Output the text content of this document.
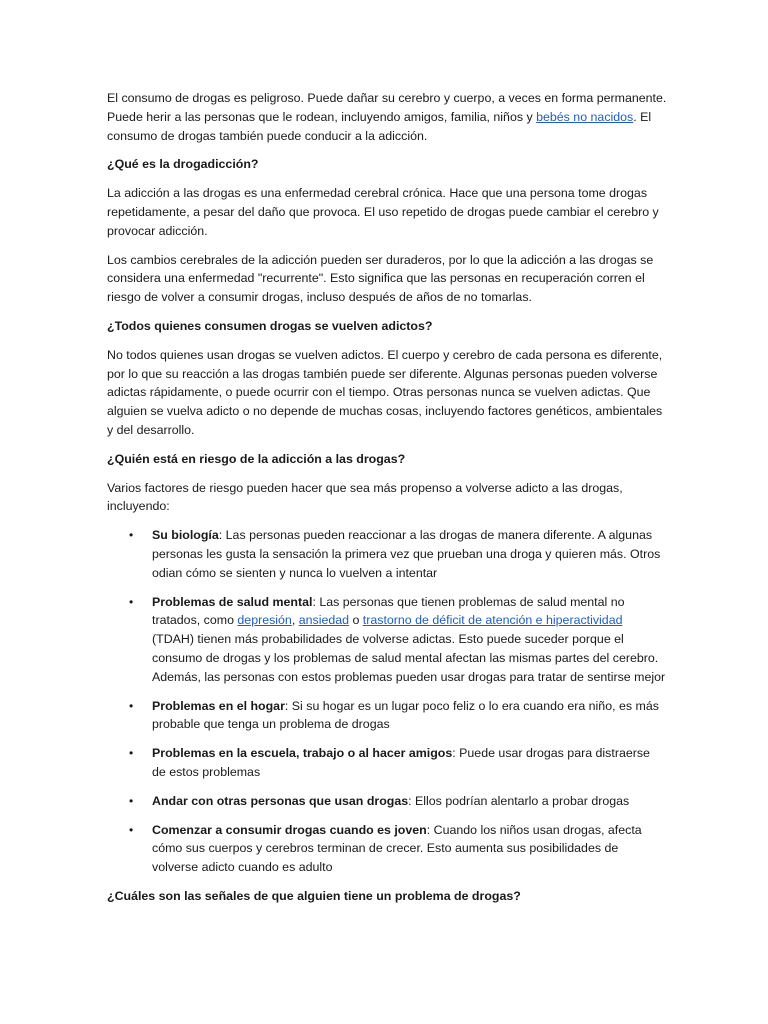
El consumo de drogas es peligroso. Puede dañar su cerebro y cuerpo, a veces en forma permanente. Puede herir a las personas que le rodean, incluyendo amigos, familia, niños y bebés no nacidos. El consumo de drogas también puede conducir a la adicción.

¿Qué es la drogadicción?

La adicción a las drogas es una enfermedad cerebral crónica. Hace que una persona tome drogas repetidamente, a pesar del daño que provoca. El uso repetido de drogas puede cambiar el cerebro y provocar adicción.

Los cambios cerebrales de la adicción pueden ser duraderos, por lo que la adicción a las drogas se considera una enfermedad "recurrente". Esto significa que las personas en recuperación corren el riesgo de volver a consumir drogas, incluso después de años de no tomarlas.

¿Todos quienes consumen drogas se vuelven adictos?

No todos quienes usan drogas se vuelven adictos. El cuerpo y cerebro de cada persona es diferente, por lo que su reacción a las drogas también puede ser diferente. Algunas personas pueden volverse adictas rápidamente, o puede ocurrir con el tiempo. Otras personas nunca se vuelven adictas. Que alguien se vuelva adicto o no depende de muchas cosas, incluyendo factores genéticos, ambientales y del desarrollo.

¿Quién está en riesgo de la adicción a las drogas?

Varios factores de riesgo pueden hacer que sea más propenso a volverse adicto a las drogas, incluyendo:

• Su biología: Las personas pueden reaccionar a las drogas de manera diferente. A algunas personas les gusta la sensación la primera vez que prueban una droga y quieren más. Otros odian cómo se sienten y nunca lo vuelven a intentar
• Problemas de salud mental: Las personas que tienen problemas de salud mental no tratados, como depresión, ansiedad o trastorno de déficit de atención e hiperactividad (TDAH) tienen más probabilidades de volverse adictas. Esto puede suceder porque el consumo de drogas y los problemas de salud mental afectan las mismas partes del cerebro. Además, las personas con estos problemas pueden usar drogas para tratar de sentirse mejor
• Problemas en el hogar: Si su hogar es un lugar poco feliz o lo era cuando era niño, es más probable que tenga un problema de drogas
• Problemas en la escuela, trabajo o al hacer amigos: Puede usar drogas para distraerse de estos problemas
• Andar con otras personas que usan drogas: Ellos podrían alentarlo a probar drogas
• Comenzar a consumir drogas cuando es joven: Cuando los niños usan drogas, afecta cómo sus cuerpos y cerebros terminan de crecer. Esto aumenta sus posibilidades de volverse adicto cuando es adulto

¿Cuáles son las señales de que alguien tiene un problema de drogas?
